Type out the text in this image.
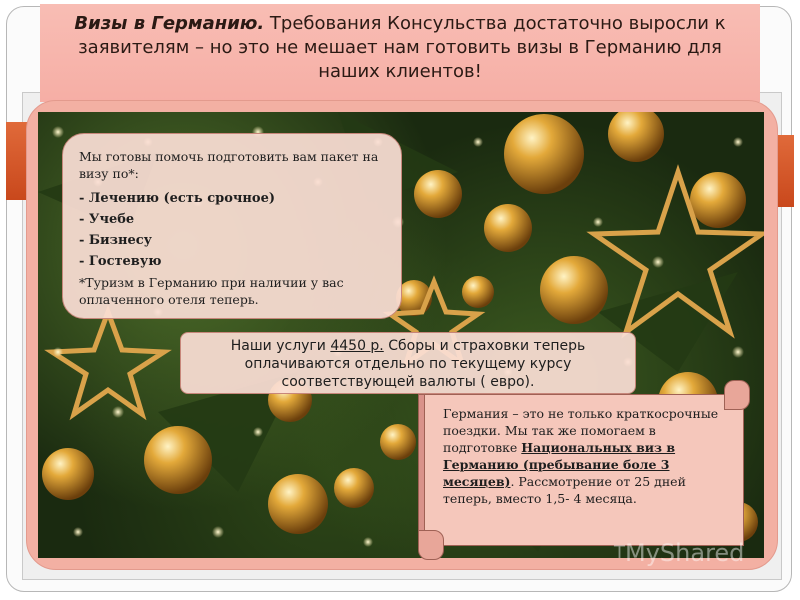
Визы в Германию. Требования Консульства достаточно выросли к заявителям – но это не мешает нам готовить визы в Германию для наших клиентов!

Мы готовы помочь подготовить вам пакет на визу по*:

- Лечению (есть срочное)

- Учебе

- Бизнесу

- Гостевую

*Туризм в Германию при наличии у вас оплаченного отеля теперь.

Наши услуги 4450 р. Сборы и страховки теперь оплачиваются отдельно по текущему курсу соответствующей валюты ( евро).
Германия – это не только краткосрочные поездки. Мы так же помогаем в подготовке Национальных виз в Германию (пребывание боле 3 месяцев). Рассмотрение от 25 дней теперь, вместо 1,5- 4 месяца.
$^Т$MyShared
